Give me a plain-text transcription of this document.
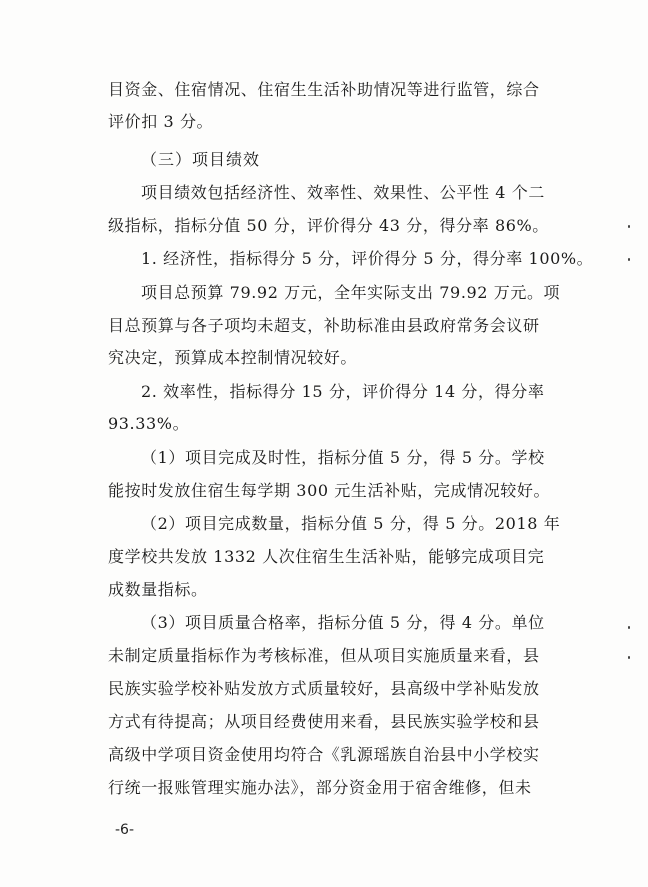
目资金、住宿情况、住宿生生活补助情况等进行监管，综合
评价扣 3 分。
（三）项目绩效
项目绩效包括经济性、效率性、效果性、公平性 4 个二
级指标，指标分值 50 分，评价得分 43 分，得分率 86%。
1. 经济性，指标得分 5 分，评价得分 5 分，得分率 100%。
项目总预算 79.92 万元，全年实际支出 79.92 万元。项
目总预算与各子项均未超支，补助标准由县政府常务会议研
究决定，预算成本控制情况较好。
2. 效率性，指标得分 15 分，评价得分 14 分，得分率
93.33%。
（1）项目完成及时性，指标分值 5 分，得 5 分。学校
能按时发放住宿生每学期 300 元生活补贴，完成情况较好。
（2）项目完成数量，指标分值 5 分，得 5 分。2018 年
度学校共发放 1332 人次住宿生生活补贴，能够完成项目完
成数量指标。
（3）项目质量合格率，指标分值 5 分，得 4 分。单位
未制定质量指标作为考核标准，但从项目实施质量来看，县
民族实验学校补贴发放方式质量较好，县高级中学补贴发放
方式有待提高；从项目经费使用来看，县民族实验学校和县
高级中学项目资金使用均符合《乳源瑶族自治县中小学校实
行统一报账管理实施办法》，部分资金用于宿舍维修，但未
-6-
